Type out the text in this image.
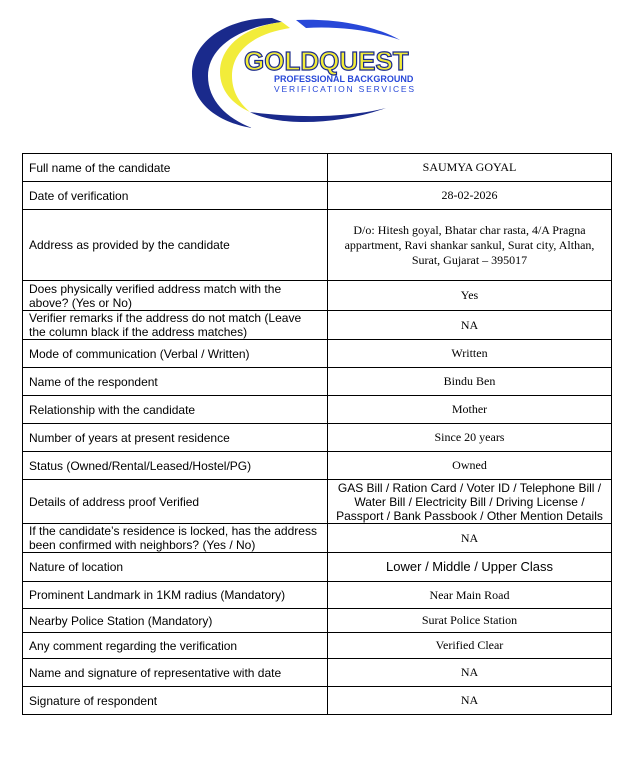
GOLDQUEST
PROFESSIONAL BACKGROUND
VERIFICATION SERVICES
Full name of the candidate	SAUMYA GOYAL
Date of verification	28-02-2026
Address as provided by the candidate	D/o: Hitesh goyal, Bhatar char rasta, 4/A Pragna appartment, Ravi shankar sankul, Surat city, Althan, Surat, Gujarat – 395017
Does physically verified address match with the above? (Yes or No)	Yes
Verifier remarks if the address do not match (Leave the column black if the address matches)	NA
Mode of communication (Verbal / Written)	Written
Name of the respondent	Bindu Ben
Relationship with the candidate	Mother
Number of years at present residence	Since 20 years
Status (Owned/Rental/Leased/Hostel/PG)	Owned
Details of address proof Verified	GAS Bill / Ration Card / Voter ID / Telephone Bill / Water Bill / Electricity Bill / Driving License / Passport / Bank Passbook / Other Mention Details
If the candidate’s residence is locked, has the address been confirmed with neighbors? (Yes / No)	NA
Nature of location	Lower / Middle / Upper Class
Prominent Landmark in 1KM radius (Mandatory)	Near Main Road
Nearby Police Station (Mandatory)	Surat Police Station
Any comment regarding the verification	Verified Clear
Name and signature of representative with date	NA
Signature of respondent	NA
